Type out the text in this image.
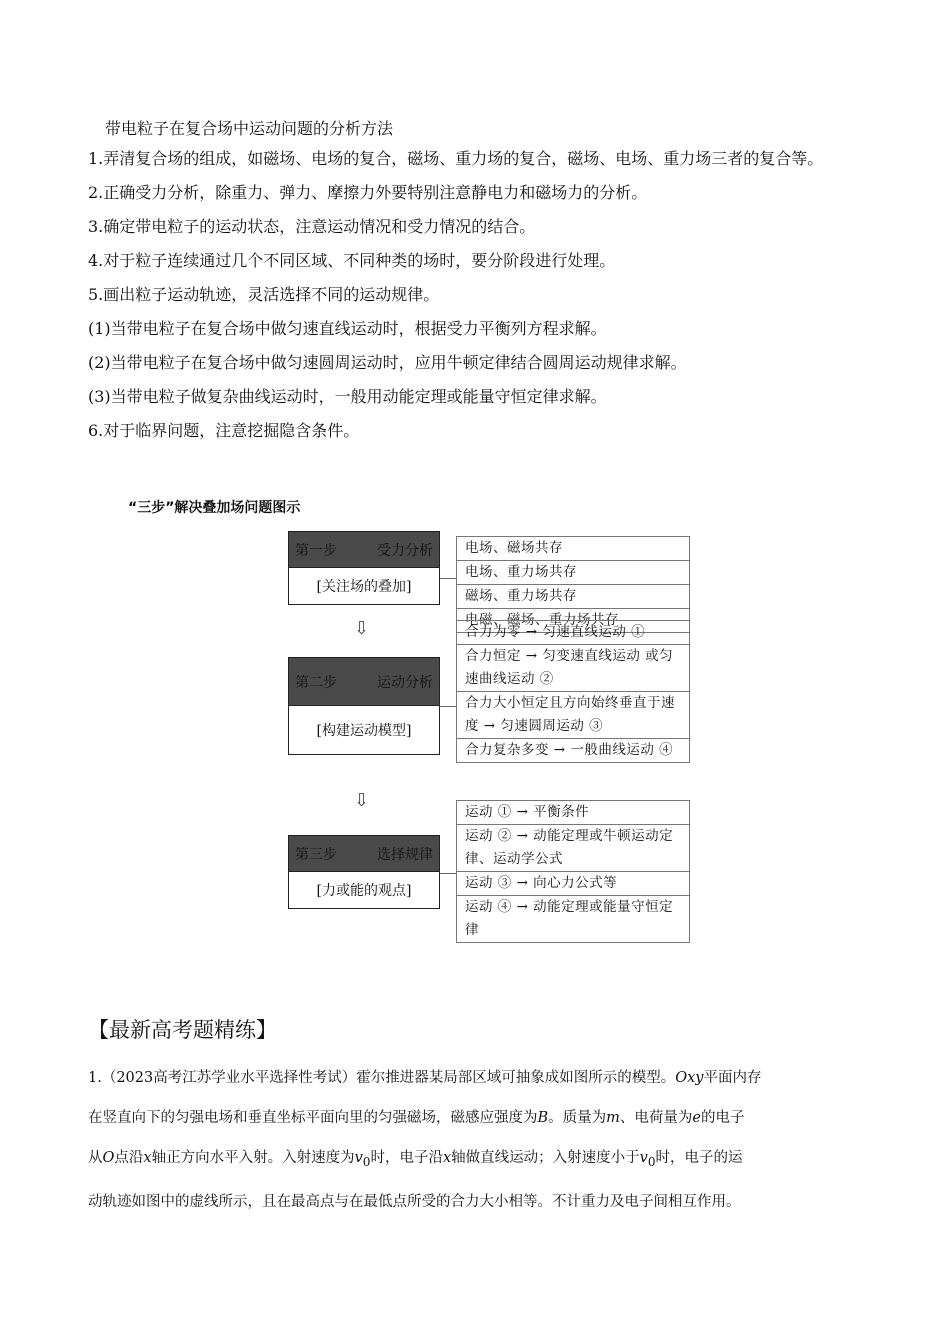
带电粒子在复合场中运动问题的分析方法

1.弄清复合场的组成，如磁场、电场的复合，磁场、重力场的复合，磁场、电场、重力场三者的复合等。

2.正确受力分析，除重力、弹力、摩擦力外要特别注意静电力和磁场力的分析。

3.确定带电粒子的运动状态，注意运动情况和受力情况的结合。

4.对于粒子连续通过几个不同区域、不同种类的场时，要分阶段进行处理。

5.画出粒子运动轨迹，灵活选择不同的运动规律。

(1)当带电粒子在复合场中做匀速直线运动时，根据受力平衡列方程求解。

(2)当带电粒子在复合场中做匀速圆周运动时，应用牛顿定律结合圆周运动规律求解。

(3)当带电粒子做复杂曲线运动时，一般用动能定理或能量守恒定律求解。

6.对于临界问题，注意挖掘隐含条件。

“三步”解决叠加场问题图示
第一步	受力分析
[关注场的叠加]
电场、磁场共存
电场、重力场共存
磁场、重力场共存
电磁、磁场、重力场共存
⇩
第二步	运动分析
[构建运动模型]
合力为零 → 匀速直线运动 ①
合力恒定 → 匀变速直线运动 或匀速曲线运动 ②
合力大小恒定且方向始终垂直于速度 → 匀速圆周运动 ③
合力复杂多变 → 一般曲线运动 ④
⇩
第三步	选择规律
[力或能的观点]
运动 ① → 平衡条件
运动 ② → 动能定理或牛顿运动定律、运动学公式
运动 ③ → 向心力公式等
运动 ④ → 动能定理或能量守恒定律
【最新高考题精练】

1.（2023高考江苏学业水平选择性考试）霍尔推进器某局部区域可抽象成如图所示的模型。Oxy平面内存

在竖直向下的匀强电场和垂直坐标平面向里的匀强磁场，磁感应强度为B。质量为m、电荷量为e的电子

从O点沿x轴正方向水平入射。入射速度为$v_0$时，电子沿x轴做直线运动；入射速度小于$v_0$时，电子的运

动轨迹如图中的虚线所示，且在最高点与在最低点所受的合力大小相等。不计重力及电子间相互作用。
